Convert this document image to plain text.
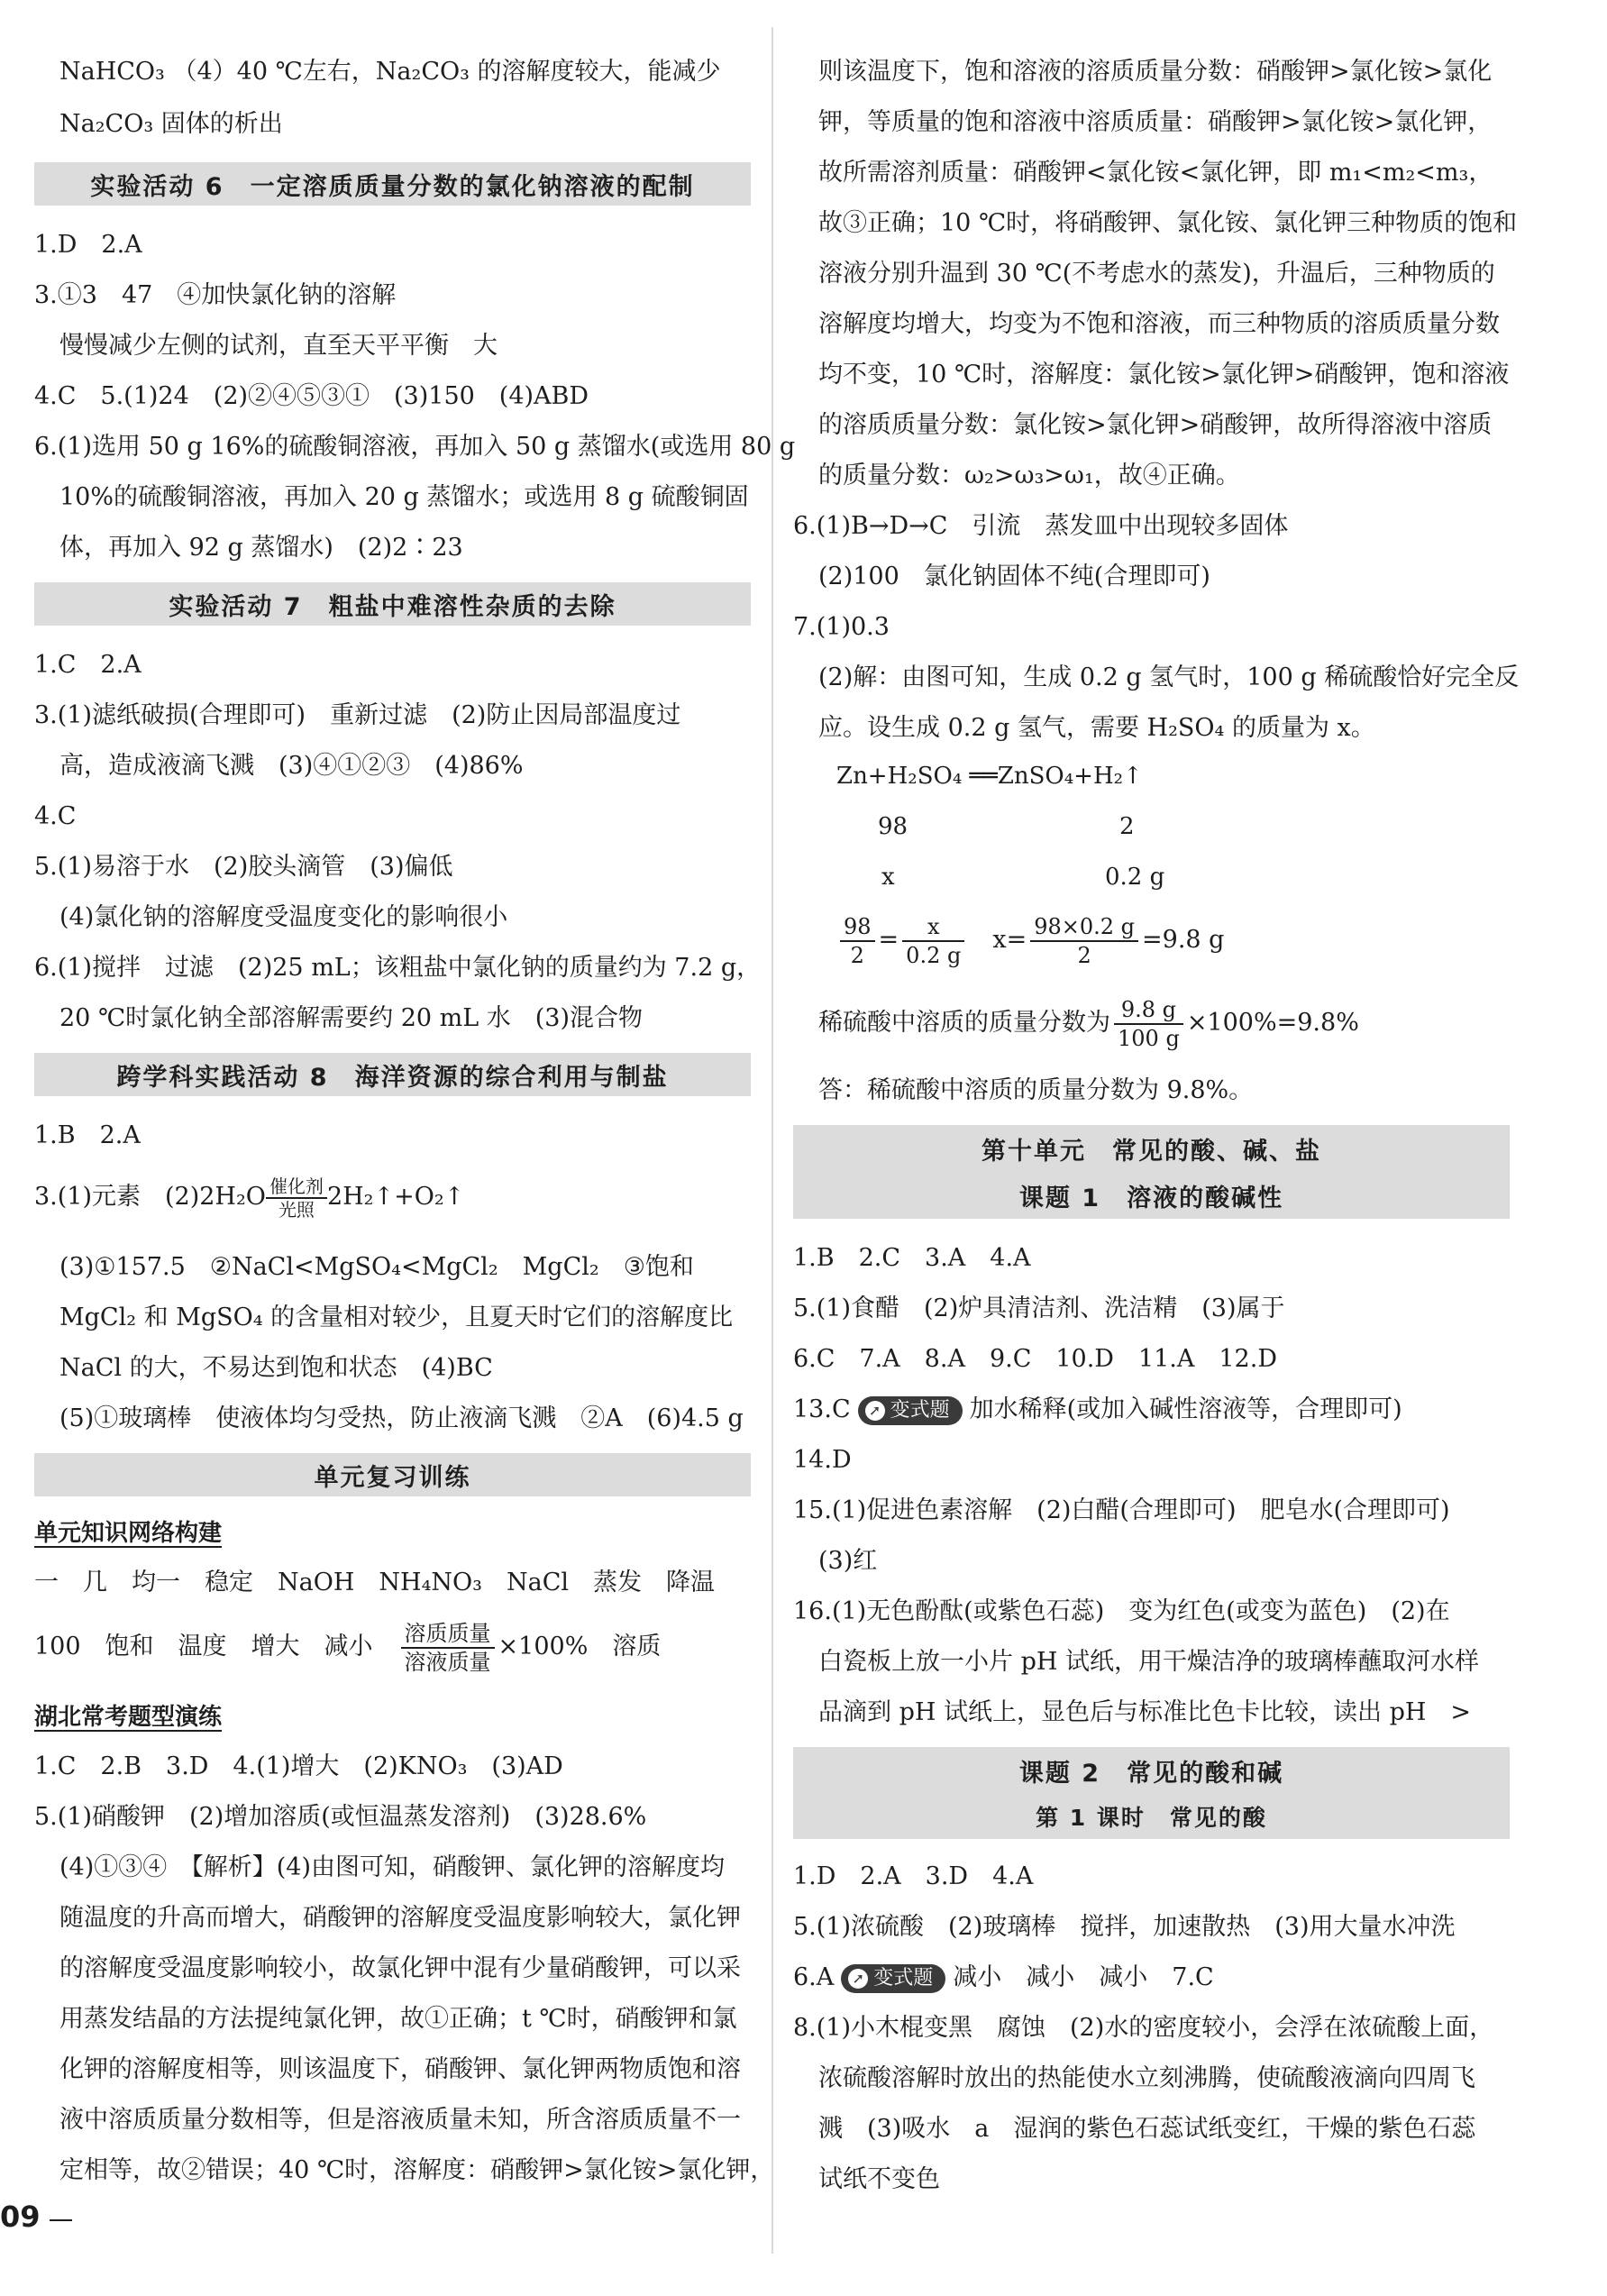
NaHCO₃ （4）40 ℃左右，Na₂CO₃ 的溶解度较大，能减少
Na₂CO₃ 固体的析出
实验活动 6　一定溶质质量分数的氯化钠溶液的配制
1.D　2.A
3.①3　47　④加快氯化钠的溶解
慢慢减少左侧的试剂，直至天平平衡　大
4.C　5.(1)24　(2)②④⑤③①　(3)150　(4)ABD
6.(1)选用 50 g 16%的硫酸铜溶液，再加入 50 g 蒸馏水(或选用 80 g
10%的硫酸铜溶液，再加入 20 g 蒸馏水；或选用 8 g 硫酸铜固
体，再加入 92 g 蒸馏水)　(2)2∶23
实验活动 7　粗盐中难溶性杂质的去除
1.C　2.A
3.(1)滤纸破损(合理即可)　重新过滤　(2)防止因局部温度过
高，造成液滴飞溅　(3)④①②③　(4)86%
4.C
5.(1)易溶于水　(2)胶头滴管　(3)偏低
(4)氯化钠的溶解度受温度变化的影响很小
6.(1)搅拌　过滤　(2)25 mL；该粗盐中氯化钠的质量约为 7.2 g，
20 ℃时氯化钠全部溶解需要约 20 mL 水　(3)混合物
跨学科实践活动 8　海洋资源的综合利用与制盐
1.B　2.A
3.(1)元素　(2)2H₂O 催化剂
光照 2H₂↑+O₂↑
(3)①157.5　②NaCl<MgSO₄<MgCl₂　MgCl₂　③饱和
MgCl₂ 和 MgSO₄ 的含量相对较少，且夏天时它们的溶解度比
NaCl 的大，不易达到饱和状态　(4)BC
(5)①玻璃棒　使液体均匀受热，防止液滴飞溅　②A　(6)4.5 g
单元复习训练
单元知识网络构建
一　几　均一　稳定　NaOH　NH₄NO₃　NaCl　蒸发　降温
100　饱和　温度　增大　减小　 $\frac{\text{溶质质量}}{\text{溶液质量}} \times 100\%$　溶质
湖北常考题型演练
1.C　2.B　3.D　4.(1)增大　(2)KNO₃　(3)AD
5.(1)硝酸钾　(2)增加溶质(或恒温蒸发溶剂)　(3)28.6%
(4)①③④　【解析】(4)由图可知，硝酸钾、氯化钾的溶解度均
随温度的升高而增大，硝酸钾的溶解度受温度影响较大，氯化钾
的溶解度受温度影响较小，故氯化钾中混有少量硝酸钾，可以采
用蒸发结晶的方法提纯氯化钾，故①正确；t ℃时，硝酸钾和氯
化钾的溶解度相等，则该温度下，硝酸钾、氯化钾两物质饱和溶
液中溶质质量分数相等，但是溶液质量未知，所含溶质质量不一
定相等，故②错误；40 ℃时，溶解度：硝酸钾>氯化铵>氯化钾，
则该温度下，饱和溶液的溶质质量分数：硝酸钾>氯化铵>氯化
钾，等质量的饱和溶液中溶质质量：硝酸钾>氯化铵>氯化钾，
故所需溶剂质量：硝酸钾<氯化铵<氯化钾，即 m₁<m₂<m₃，
故③正确；10 ℃时，将硝酸钾、氯化铵、氯化钾三种物质的饱和
溶液分别升温到 30 ℃(不考虑水的蒸发)，升温后，三种物质的
溶解度均增大，均变为不饱和溶液，而三种物质的溶质质量分数
均不变，10 ℃时，溶解度：氯化铵>氯化钾>硝酸钾，饱和溶液
的溶质质量分数：氯化铵>氯化钾>硝酸钾，故所得溶液中溶质
的质量分数：ω₂>ω₃>ω₁，故④正确。
6.(1)B→D→C　引流　蒸发皿中出现较多固体
(2)100　氯化钠固体不纯(合理即可)
7.(1)0.3
(2)解：由图可知，生成 0.2 g 氢气时，100 g 稀硫酸恰好完全反
应。设生成 0.2 g 氢气，需要 H₂SO₄ 的质量为 x。
Zn+H₂SO₄ ══ZnSO₄+H₂↑
98	2
x	0.2 g
$\frac{98}{2} = \frac{x}{0.2 g}$
　 $x= \frac{98\times 0.2 g}{2} =9.8$ g
稀硫酸中溶质的质量分数为 $\frac{9.8 g}{100 g} \times 100\%=9.8\%$
答：稀硫酸中溶质的质量分数为 9.8%。
第十单元　常见的酸、碱、盐
课题 1　溶液的酸碱性
1.B　2.C　3.A　4.A
5.(1)食醋　(2)炉具清洁剂、洗洁精　(3)属于
6.C　7.A　8.A　9.C　10.D　11.A　12.D
13.C ➚ 变式题 加水稀释(或加入碱性溶液等，合理即可)
14.D
15.(1)促进色素溶解　(2)白醋(合理即可)　肥皂水(合理即可)
(3)红
16.(1)无色酚酞(或紫色石蕊)　变为红色(或变为蓝色)　(2)在
白瓷板上放一小片 pH 试纸，用干燥洁净的玻璃棒蘸取河水样
品滴到 pH 试纸上，显色后与标准比色卡比较，读出 pH　>
课题 2　常见的酸和碱
第 1 课时　常见的酸
1.D　2.A　3.D　4.A
5.(1)浓硫酸　(2)玻璃棒　搅拌，加速散热　(3)用大量水冲洗
6.A ➚ 变式题 减小　减小　减小　7.C
8.(1)小木棍变黑　腐蚀　(2)水的密度较小，会浮在浓硫酸上面，
浓硫酸溶解时放出的热能使水立刻沸腾，使硫酸液滴向四周飞
溅　(3)吸水　a　湿润的紫色石蕊试纸变红，干燥的紫色石蕊
试纸不变色
09
